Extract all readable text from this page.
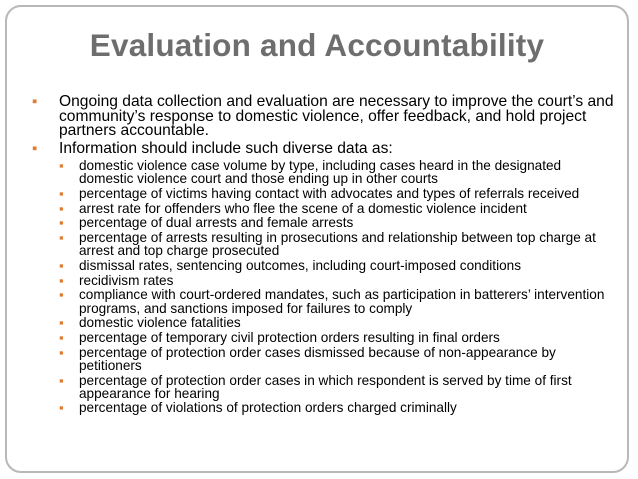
Evaluation and Accountability
▪ Ongoing data collection and evaluation are necessary to improve the court’s and community’s response to domestic violence, offer feedback, and hold project partners accountable.
▪ Information should include such diverse data as:
▪ domestic violence case volume by type, including cases heard in the designated domestic violence court and those ending up in other courts
▪ percentage of victims having contact with advocates and types of referrals received
▪ arrest rate for offenders who flee the scene of a domestic violence incident
▪ percentage of dual arrests and female arrests
▪ percentage of arrests resulting in prosecutions and relationship between top charge at arrest and top charge prosecuted
▪ dismissal rates, sentencing outcomes, including court-imposed conditions
▪ recidivism rates
▪ compliance with court-ordered mandates, such as participation in batterers’ intervention programs, and sanctions imposed for failures to comply
▪ domestic violence fatalities
▪ percentage of temporary civil protection orders resulting in final orders
▪ percentage of protection order cases dismissed because of non-appearance by petitioners
▪ percentage of protection order cases in which respondent is served by time of first appearance for hearing
▪ percentage of violations of protection orders charged criminally
